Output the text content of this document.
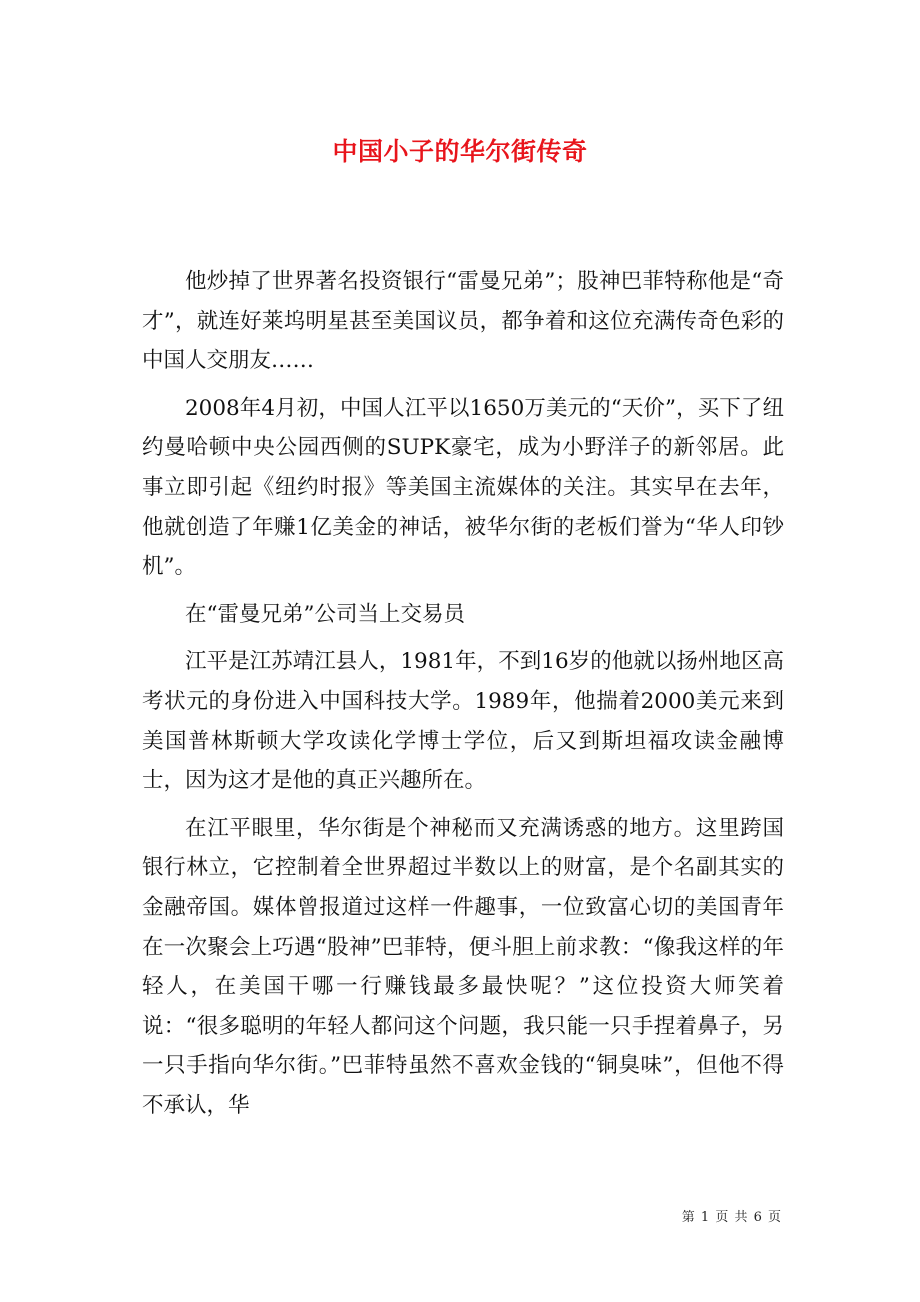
中国小子的华尔街传奇

他炒掉了世界著名投资银行“雷曼兄弟”；股神巴菲特称他是“奇才”，就连好莱坞明星甚至美国议员，都争着和这位充满传奇色彩的中国人交朋友……

2008年4月初，中国人江平以1650万美元的“天价”，买下了纽约曼哈顿中央公园西侧的SUPK豪宅，成为小野洋子的新邻居。此事立即引起《纽约时报》等美国主流媒体的关注。其实早在去年，他就创造了年赚1亿美金的神话，被华尔街的老板们誉为“华人印钞机”。

在“雷曼兄弟”公司当上交易员

江平是江苏靖江县人，1981年，不到16岁的他就以扬州地区高考状元的身份进入中国科技大学。1989年，他揣着2000美元来到美国普林斯顿大学攻读化学博士学位，后又到斯坦福攻读金融博士，因为这才是他的真正兴趣所在。

在江平眼里，华尔街是个神秘而又充满诱惑的地方。这里跨国银行林立，它控制着全世界超过半数以上的财富，是个名副其实的金融帝国。媒体曾报道过这样一件趣事，一位致富心切的美国青年在一次聚会上巧遇“股神”巴菲特，便斗胆上前求教：“像我这样的年轻人，在美国干哪一行赚钱最多最快呢？”这位投资大师笑着说：“很多聪明的年轻人都问这个问题，我只能一只手捏着鼻子，另一只手指向华尔街。”巴菲特虽然不喜欢金钱的“铜臭味”，但他不得不承认，华

第 1 页 共 6 页
